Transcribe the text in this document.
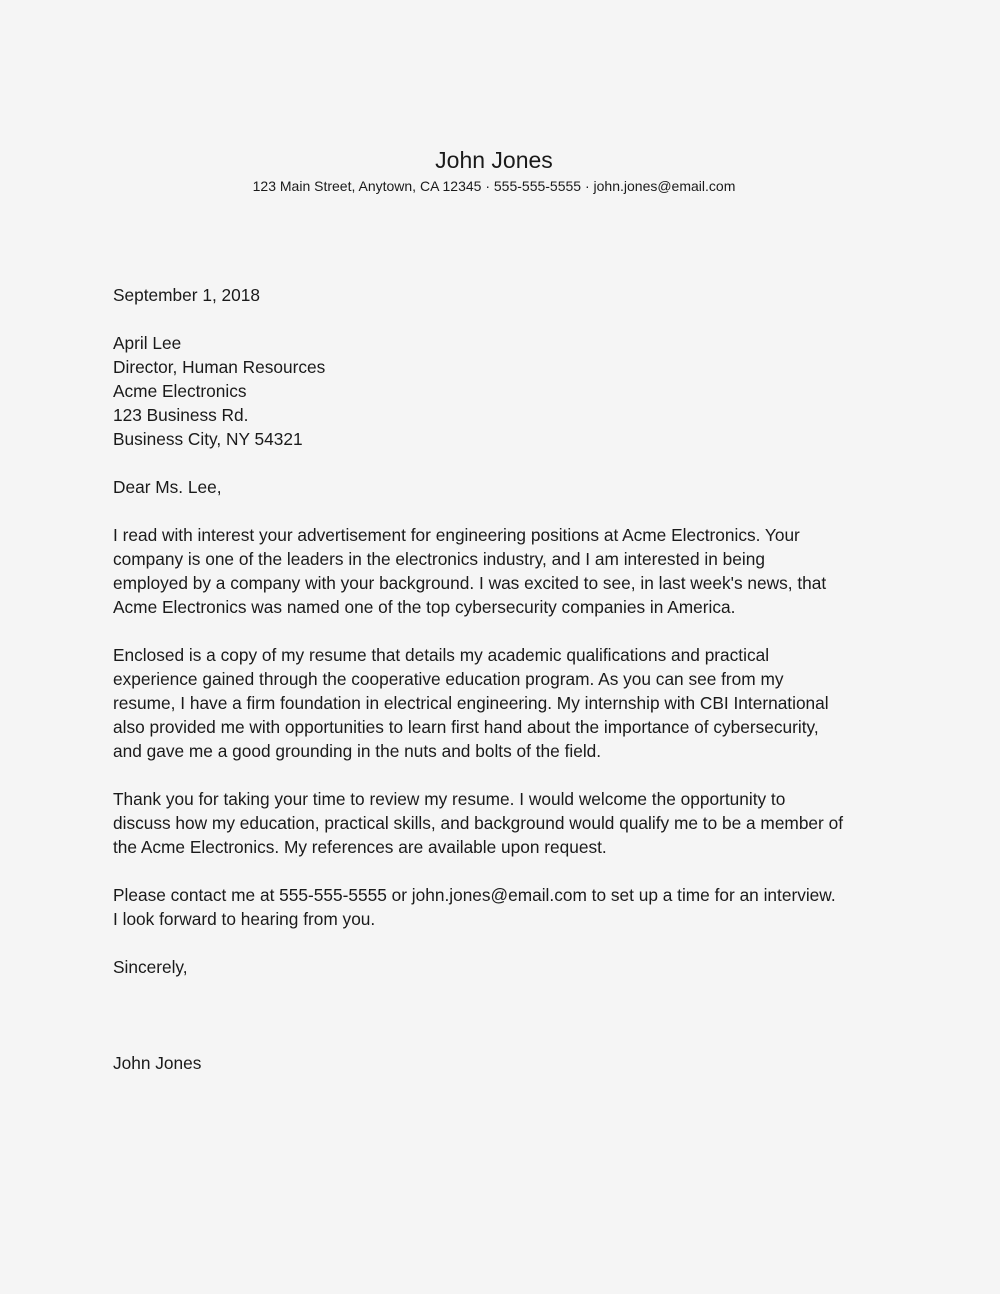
John Jones
123 Main Street, Anytown, CA 12345 · 555-555-5555 · john.jones@email.com
September 1, 2018
April Lee
Director, Human Resources
Acme Electronics
123 Business Rd.
Business City, NY 54321
Dear Ms. Lee,
I read with interest your advertisement for engineering positions at Acme Electronics. Your
company is one of the leaders in the electronics industry, and I am interested in being
employed by a company with your background. I was excited to see, in last week's news, that
Acme Electronics was named one of the top cybersecurity companies in America.
Enclosed is a copy of my resume that details my academic qualifications and practical
experience gained through the cooperative education program. As you can see from my
resume, I have a firm foundation in electrical engineering. My internship with CBI International
also provided me with opportunities to learn first hand about the importance of cybersecurity,
and gave me a good grounding in the nuts and bolts of the field.
Thank you for taking your time to review my resume. I would welcome the opportunity to
discuss how my education, practical skills, and background would qualify me to be a member of
the Acme Electronics. My references are available upon request.
Please contact me at 555-555-5555 or john.jones@email.com to set up a time for an interview.
I look forward to hearing from you.
Sincerely,
John Jones
